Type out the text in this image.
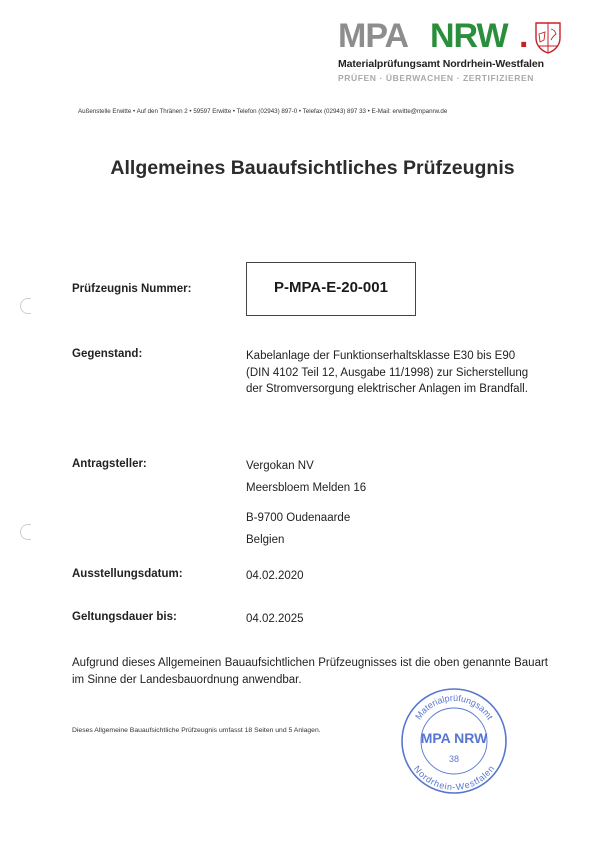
MPA NRW .
Materialprüfungsamt Nordrhein-Westfalen
PRÜFEN · ÜBERWACHEN · ZERTIFIZIEREN
Außenstelle Erwitte • Auf den Thränen 2 • 59597 Erwitte • Telefon (02943) 897-0 • Telefax (02943) 897 33 • E-Mail: erwitte@mpanrw.de
Allgemeines Bauaufsichtliches Prüfzeugnis
Prüfzeugnis Nummer:	P-MPA-E-20-001
Gegenstand:	Kabelanlage der Funktionserhaltsklasse E30 bis E90
(DIN 4102 Teil 12, Ausgabe 11/1998) zur Sicherstellung
der Stromversorgung elektrischer Anlagen im Brandfall.
Antragsteller:	Vergokan NV
Meersbloem Melden 16
B-9700 Oudenaarde
Belgien
Ausstellungsdatum:	04.02.2020
Geltungsdauer bis:	04.02.2025
Aufgrund dieses Allgemeinen Bauaufsichtlichen Prüfzeugnisses ist die oben genannte Bauart im Sinne der Landesbauordnung anwendbar.
Dieses Allgemeine Bauaufsichtliche Prüfzeugnis umfasst 18 Seiten und 5 Anlagen.
Materialprüfungsamt
Nordrhein-Westfalen
MPA NRW
38
